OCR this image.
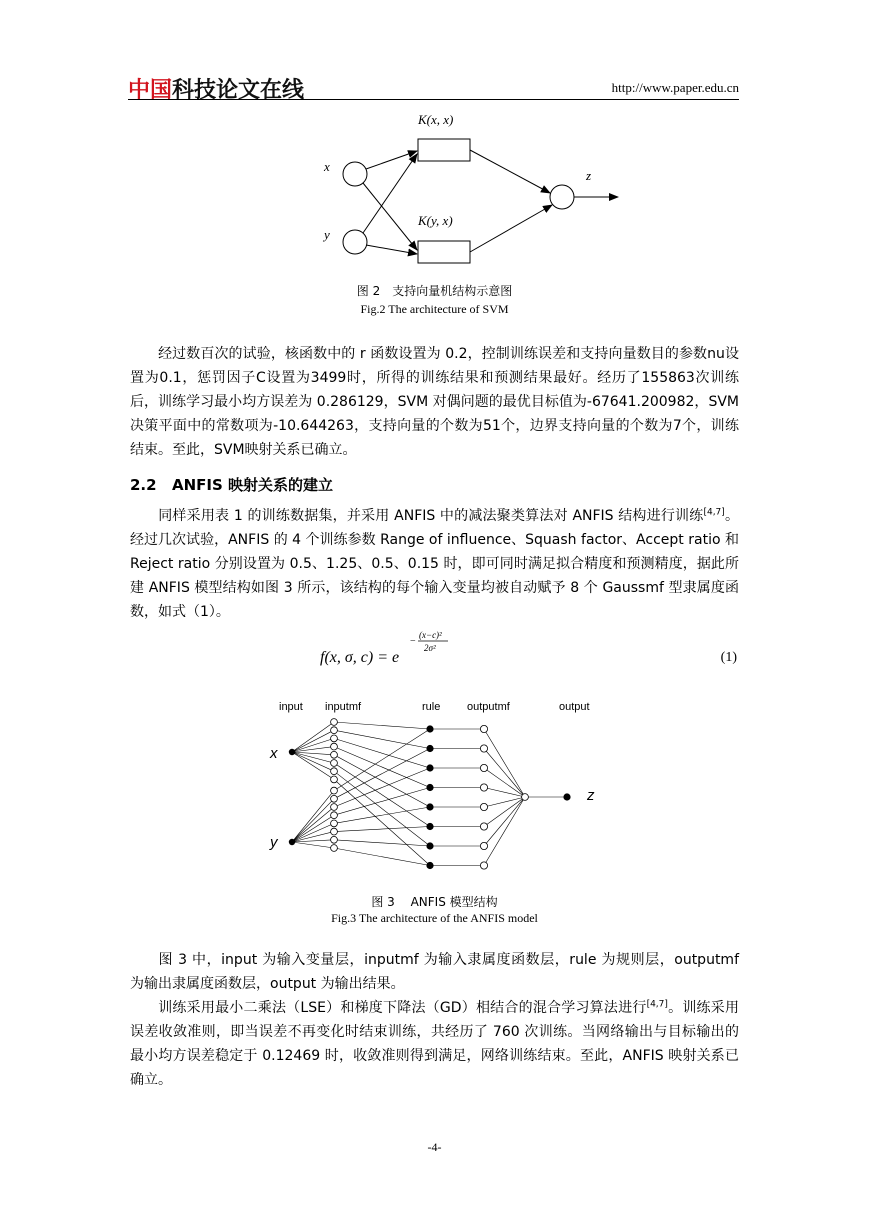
中国科技论文在线	http://www.paper.edu.cn
K(x, x)
K(y, x)
x
y
z
图 2　支持向量机结构示意图
Fig.2 The architecture of SVM
经过数百次的试验，核函数中的 r 函数设置为 0.2，控制训练误差和支持向量数目的参数nu设置为0.1，惩罚因子C设置为3499时，所得的训练结果和预测结果最好。经历了155863次训练后，训练学习最小均方误差为 0.286129，SVM 对偶问题的最优目标值为-67641.200982，SVM决策平面中的常数项为-10.644263，支持向量的个数为51个，边界支持向量的个数为7个，训练结束。至此，SVM映射关系已确立。
2.2 ANFIS 映射关系的建立
同样采用表 1 的训练数据集，并采用 ANFIS 中的减法聚类算法对 ANFIS 结构进行训练[4,7]。经过几次试验，ANFIS 的 4 个训练参数 Range of influence、Squash factor、Accept ratio 和 Reject ratio 分别设置为 0.5、1.25、0.5、0.15 时，即可同时满足拟合精度和预测精度，据此所建 ANFIS 模型结构如图 3 所示，该结构的每个输入变量均被自动赋予 8 个 Gaussmf 型隶属度函数，如式（1）。
f(x, σ, c) = e
−
(x−c)²
2σ²
(1)
input inputmf	rule outputmf	output
x
y
z
图 3　 ANFIS 模型结构
Fig.3 The architecture of the ANFIS model
图 3 中，input 为输入变量层，inputmf 为输入隶属度函数层，rule 为规则层，outputmf 为输出隶属度函数层，output 为输出结果。
训练采用最小二乘法（LSE）和梯度下降法（GD）相结合的混合学习算法进行[4,7]。训练采用误差收敛准则，即当误差不再变化时结束训练，共经历了 760 次训练。当网络输出与目标输出的最小均方误差稳定于 0.12469 时，收敛准则得到满足，网络训练结束。至此，ANFIS 映射关系已确立。
-4-
